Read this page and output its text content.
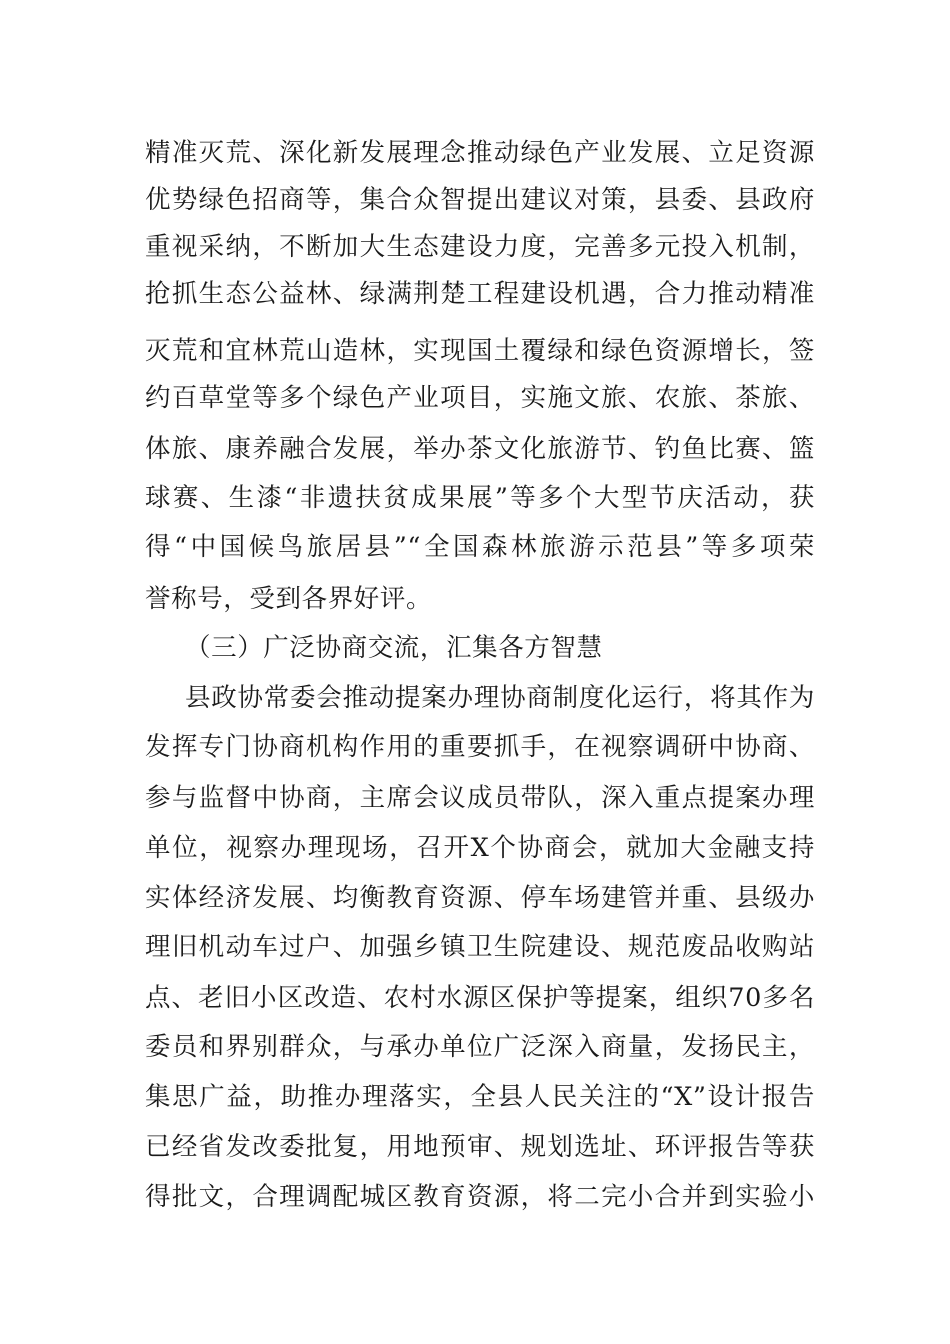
精准灭荒、深化新发展理念推动绿色产业发展、立足资源
优势绿色招商等，集合众智提出建议对策，县委、县政府
重视采纳，不断加大生态建设力度，完善多元投入机制，
抢抓生态公益林、绿满荆楚工程建设机遇，合力推动精准
灭荒和宜林荒山造林，实现国土覆绿和绿色资源增长，签
约百草堂等多个绿色产业项目，实施文旅、农旅、茶旅、
体旅、康养融合发展，举办茶文化旅游节、钓鱼比赛、篮
球赛、生漆“非遗扶贫成果展”等多个大型节庆活动，获
得“中国候鸟旅居县”“全国森林旅游示范县”等多项荣
誉称号，受到各界好评。
（三）广泛协商交流，汇集各方智慧
县政协常委会推动提案办理协商制度化运行，将其作为
发挥专门协商机构作用的重要抓手，在视察调研中协商、
参与监督中协商，主席会议成员带队，深入重点提案办理
单位，视察办理现场，召开X个协商会，就加大金融支持
实体经济发展、均衡教育资源、停车场建管并重、县级办
理旧机动车过户、加强乡镇卫生院建设、规范废品收购站
点、老旧小区改造、农村水源区保护等提案，组织70多名
委员和界别群众，与承办单位广泛深入商量，发扬民主，
集思广益，助推办理落实，全县人民关注的“X”设计报告
已经省发改委批复，用地预审、规划选址、环评报告等获
得批文，合理调配城区教育资源，将二完小合并到实验小
